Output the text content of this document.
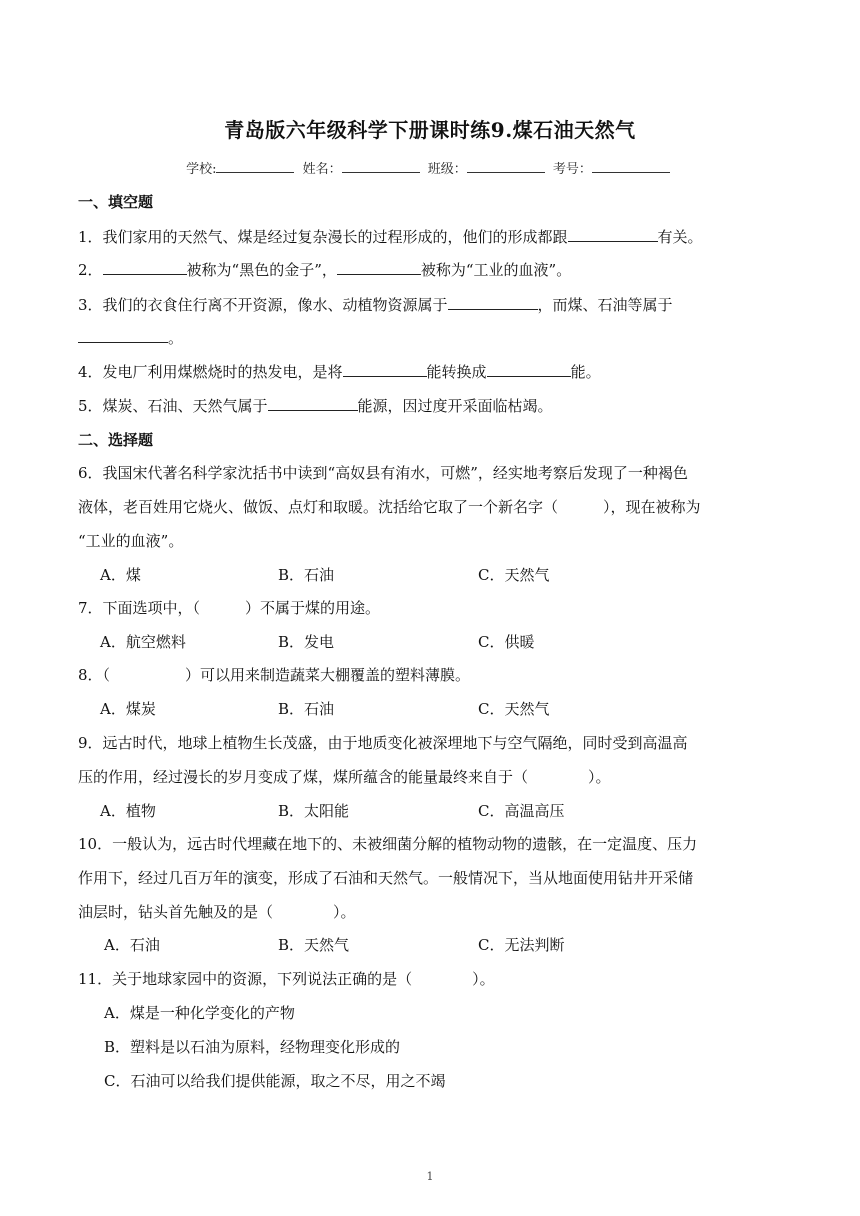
青岛版六年级科学下册课时练9.煤石油天然气
学校:	姓名：	班级：	考号：
一、填空题
1．我们家用的天然气、煤是经过复杂漫长的过程形成的，他们的形成都跟	有关。
2．	被称为“黑色的金子”，	被称为“工业的血液”。
3．我们的衣食住行离不开资源，像水、动植物资源属于	，而煤、石油等属于
。
4．发电厂利用煤燃烧时的热发电，是将	能转换成	能。
5．煤炭、石油、天然气属于	能源，因过度开采面临枯竭。
二、选择题
6．我国宋代著名科学家沈括书中读到“高奴县有洧水，可燃”，经实地考察后发现了一种褐色
液体，老百姓用它烧火、做饭、点灯和取暖。沈括给它取了一个新名字（　　　），现在被称为
“工业的血液”。
A．煤	B．石油	C．天然气
7．下面选项中，（　　　）不属于煤的用途。
A．航空燃料	B．发电	C．供暖
8．（　　　　　）可以用来制造蔬菜大棚覆盖的塑料薄膜。
A．煤炭	B．石油	C．天然气
9．远古时代，地球上植物生长茂盛，由于地质变化被深埋地下与空气隔绝，同时受到高温高
压的作用，经过漫长的岁月变成了煤，煤所蕴含的能量最终来自于（　　　　）。
A．植物	B．太阳能	C．高温高压
10．一般认为，远古时代埋藏在地下的、未被细菌分解的植物动物的遗骸，在一定温度、压力
作用下，经过几百万年的演变，形成了石油和天然气。一般情况下，当从地面使用钻井开采储
油层时，钻头首先触及的是（　　　　）。
A．石油	B．天然气	C．无法判断
11．关于地球家园中的资源，下列说法正确的是（　　　　）。
A．煤是一种化学变化的产物
B．塑料是以石油为原料，经物理变化形成的
C．石油可以给我们提供能源，取之不尽，用之不竭
1
